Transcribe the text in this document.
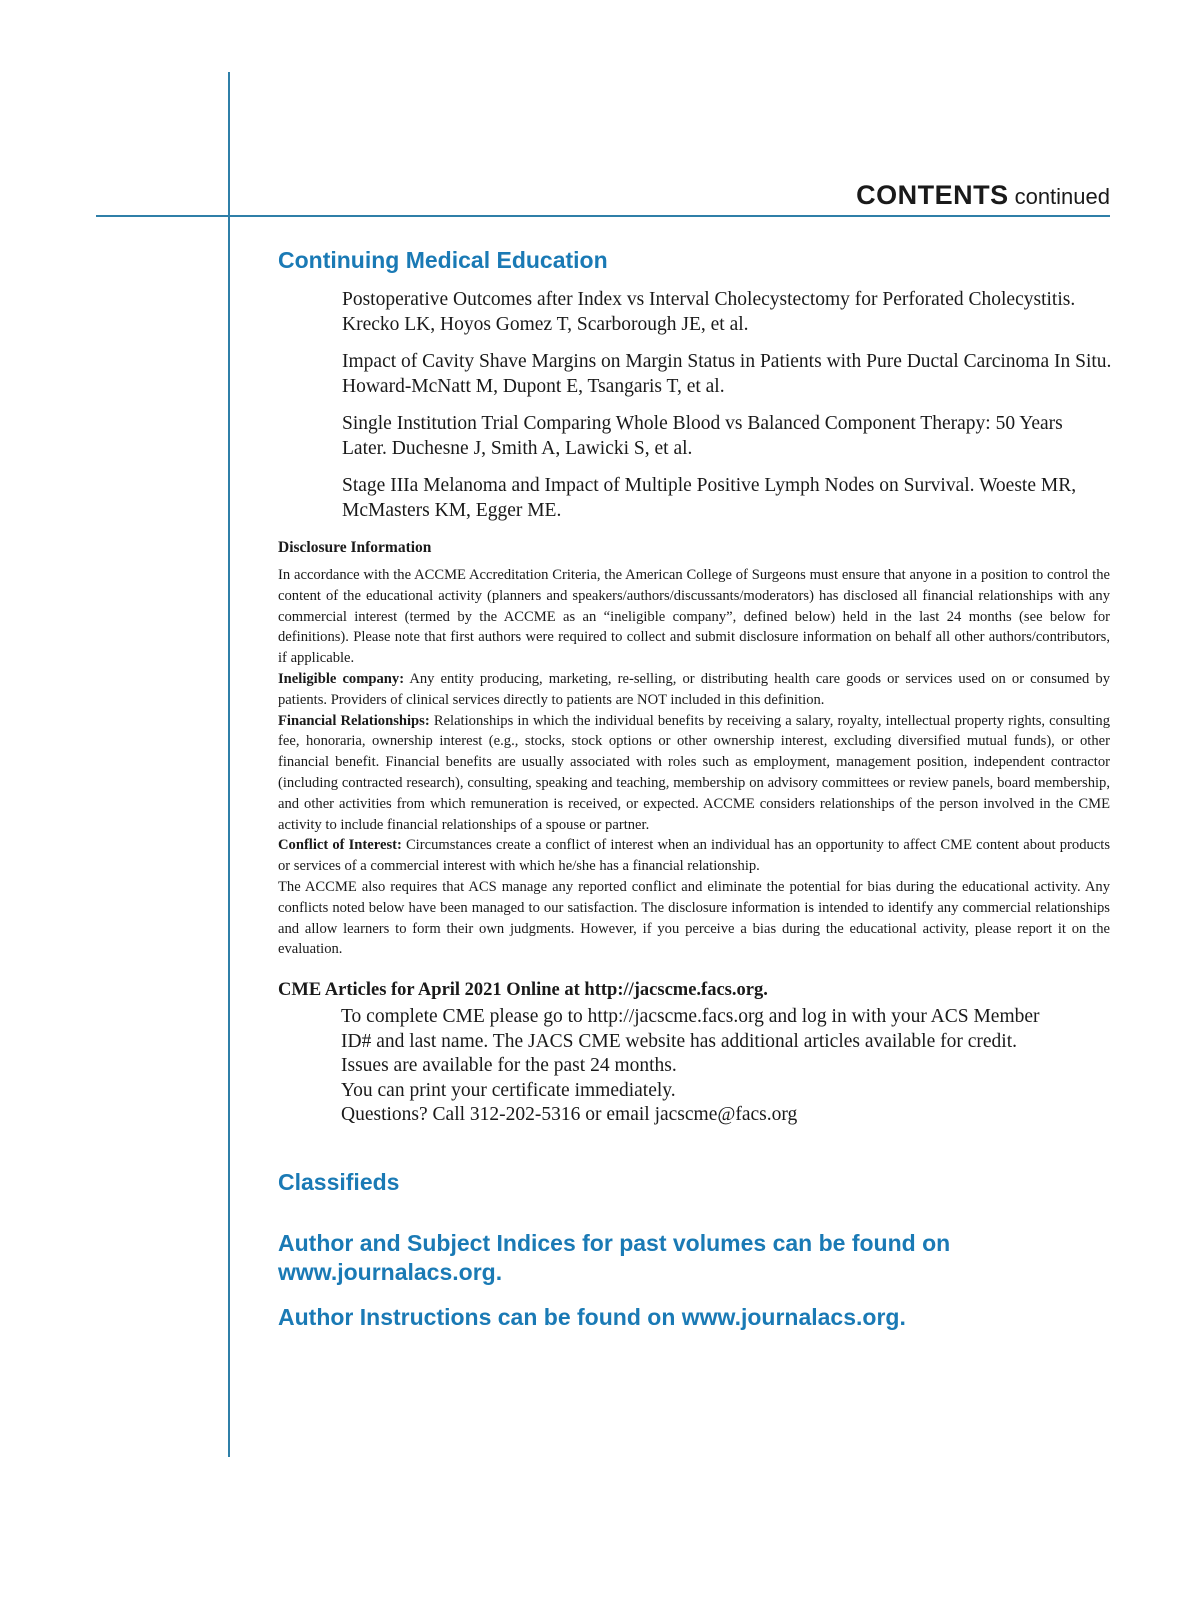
CONTENTS continued
Continuing Medical Education
Postoperative Outcomes after Index vs Interval Cholecystectomy for Perforated Cholecystitis. Krecko LK, Hoyos Gomez T, Scarborough JE, et al.
Impact of Cavity Shave Margins on Margin Status in Patients with Pure Ductal Carcinoma In Situ. Howard-McNatt M, Dupont E, Tsangaris T, et al.
Single Institution Trial Comparing Whole Blood vs Balanced Component Therapy: 50 Years Later. Duchesne J, Smith A, Lawicki S, et al.
Stage IIIa Melanoma and Impact of Multiple Positive Lymph Nodes on Survival. Woeste MR, McMasters KM, Egger ME.
Disclosure Information

In accordance with the ACCME Accreditation Criteria, the American College of Surgeons must ensure that anyone in a position to control the content of the educational activity (planners and speakers/authors/discussants/moderators) has disclosed all financial relationships with any commercial interest (termed by the ACCME as an “ineligible company”, defined below) held in the last 24 months (see below for definitions). Please note that first authors were required to collect and submit disclosure information on behalf all other authors/contributors, if applicable.

Ineligible company: Any entity producing, marketing, re-selling, or distributing health care goods or services used on or consumed by patients. Providers of clinical services directly to patients are NOT included in this definition.

Financial Relationships: Relationships in which the individual benefits by receiving a salary, royalty, intellectual property rights, consulting fee, honoraria, ownership interest (e.g., stocks, stock options or other ownership interest, excluding diversified mutual funds), or other financial benefit. Financial benefits are usually associated with roles such as employment, management position, independent contractor (including contracted research), consulting, speaking and teaching, membership on advisory committees or review panels, board membership, and other activities from which remuneration is received, or expected. ACCME considers relationships of the person involved in the CME activity to include financial relationships of a spouse or partner.

Conflict of Interest: Circumstances create a conflict of interest when an individual has an opportunity to affect CME content about products or services of a commercial interest with which he/she has a financial relationship.

The ACCME also requires that ACS manage any reported conflict and eliminate the potential for bias during the educational activity. Any conflicts noted below have been managed to our satisfaction. The disclosure information is intended to identify any commercial relationships and allow learners to form their own judgments. However, if you perceive a bias during the educational activity, please report it on the evaluation.

CME Articles for April 2021 Online at http://jacscme.facs.org.
To complete CME please go to http://jacscme.facs.org and log in with your ACS Member
ID# and last name. The JACS CME website has additional articles available for credit.
Issues are available for the past 24 months.
You can print your certificate immediately.
Questions? Call 312-202-5316 or email jacscme@facs.org
Classifieds
Author and Subject Indices for past volumes can be found on
www.journalacs.org.
Author Instructions can be found on www.journalacs.org.
